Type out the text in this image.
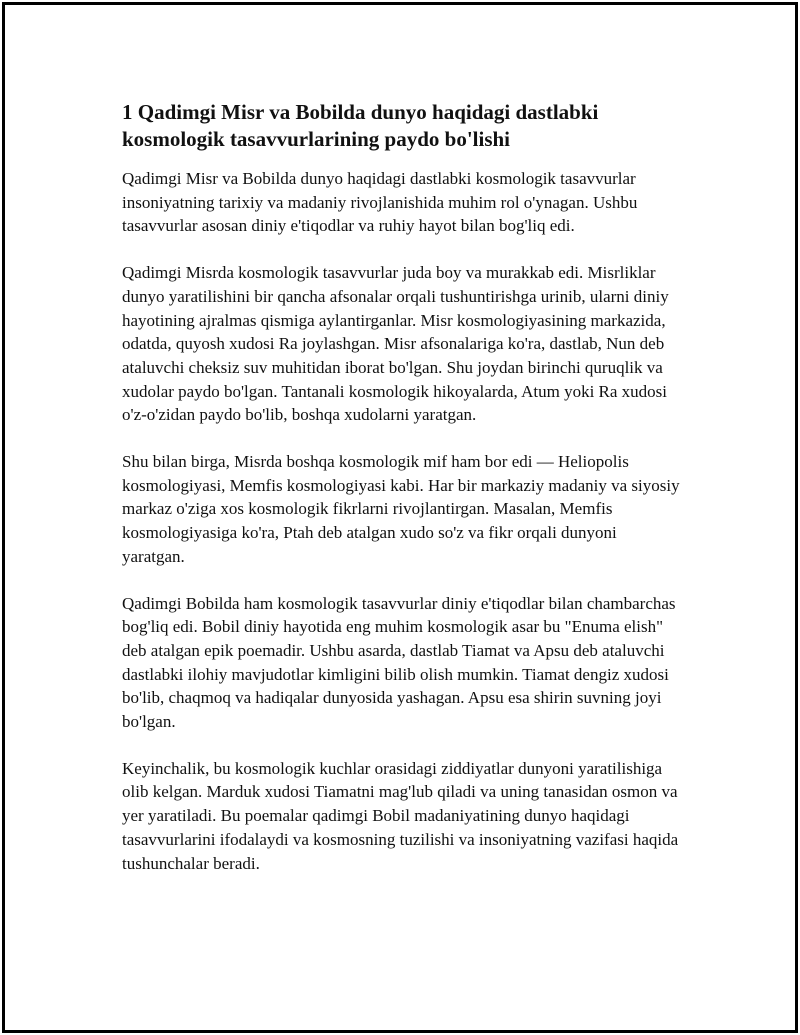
1 Qadimgi Misr va Bobilda dunyo haqidagi dastlabki kosmologik tasavvurlarining paydo bo'lishi

Qadimgi Misr va Bobilda dunyo haqidagi dastlabki kosmologik tasavvurlar insoniyatning tarixiy va madaniy rivojlanishida muhim rol o'ynagan. Ushbu tasavvurlar asosan diniy e'tiqodlar va ruhiy hayot bilan bog'liq edi.

Qadimgi Misrda kosmologik tasavvurlar juda boy va murakkab edi. Misrliklar dunyo yaratilishini bir qancha afsonalar orqali tushuntirishga urinib, ularni diniy hayotining ajralmas qismiga aylantirganlar. Misr kosmologiyasining markazida, odatda, quyosh xudosi Ra joylashgan. Misr afsonalariga ko'ra, dastlab, Nun deb ataluvchi cheksiz suv muhitidan iborat bo'lgan. Shu joydan birinchi quruqlik va xudolar paydo bo'lgan. Tantanali kosmologik hikoyalarda, Atum yoki Ra xudosi o'z-o'zidan paydo bo'lib, boshqa xudolarni yaratgan.

Shu bilan birga, Misrda boshqa kosmologik mif ham bor edi — Heliopolis kosmologiyasi, Memfis kosmologiyasi kabi. Har bir markaziy madaniy va siyosiy markaz o'ziga xos kosmologik fikrlarni rivojlantirgan. Masalan, Memfis kosmologiyasiga ko'ra, Ptah deb atalgan xudo so'z va fikr orqali dunyoni yaratgan.

Qadimgi Bobilda ham kosmologik tasavvurlar diniy e'tiqodlar bilan chambarchas bog'liq edi. Bobil diniy hayotida eng muhim kosmologik asar bu "Enuma elish" deb atalgan epik poemadir. Ushbu asarda, dastlab Tiamat va Apsu deb ataluvchi dastlabki ilohiy mavjudotlar kimligini bilib olish mumkin. Tiamat dengiz xudosi bo'lib, chaqmoq va hadiqalar dunyosida yashagan. Apsu esa shirin suvning joyi bo'lgan.

Keyinchalik, bu kosmologik kuchlar orasidagi ziddiyatlar dunyoni yaratilishiga olib kelgan. Marduk xudosi Tiamatni mag'lub qiladi va uning tanasidan osmon va yer yaratiladi. Bu poemalar qadimgi Bobil madaniyatining dunyo haqidagi tasavvurlarini ifodalaydi va kosmosning tuzilishi va insoniyatning vazifasi haqida tushunchalar beradi.
